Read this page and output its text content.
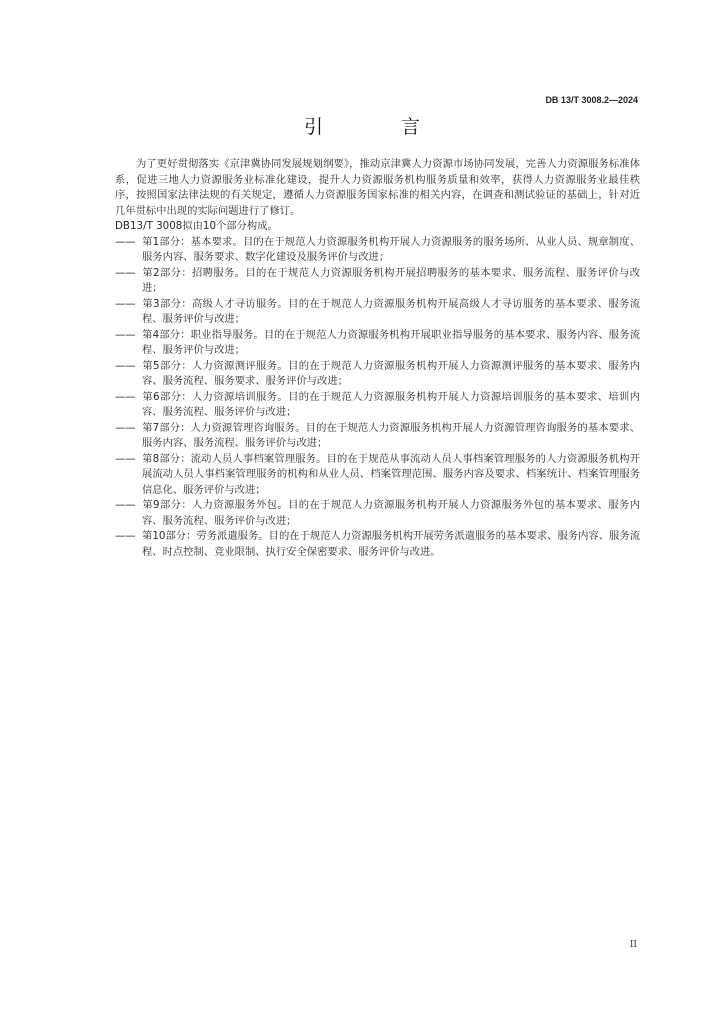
DB 13/T 3008.2—2024
引 言

为了更好贯彻落实《京津冀协同发展规划纲要》，推动京津冀人力资源市场协同发展，完善人力资源服务标准体系，促进三地人力资源服务业标准化建设，提升人力资源服务机构服务质量和效率，获得人力资源服务业最佳秩序，按照国家法律法规的有关规定，遵循人力资源服务国家标准的相关内容，在调查和测试验证的基础上，针对近几年贯标中出现的实际问题进行了修订。

DB13/T 3008拟由10个部分构成。

—— 第1部分：基本要求。目的在于规范人力资源服务机构开展人力资源服务的服务场所、从业人员、规章制度、服务内容、服务要求、数字化建设及服务评价与改进；

—— 第2部分：招聘服务。目的在于规范人力资源服务机构开展招聘服务的基本要求、服务流程、服务评价与改进；

—— 第3部分：高级人才寻访服务。目的在于规范人力资源服务机构开展高级人才寻访服务的基本要求、服务流程、服务评价与改进；

—— 第4部分：职业指导服务。目的在于规范人力资源服务机构开展职业指导服务的基本要求、服务内容、服务流程、服务评价与改进；

—— 第5部分：人力资源测评服务。目的在于规范人力资源服务机构开展人力资源测评服务的基本要求、服务内容、服务流程、服务要求、服务评价与改进；

—— 第6部分：人力资源培训服务。目的在于规范人力资源服务机构开展人力资源培训服务的基本要求、培训内容、服务流程、服务评价与改进；

—— 第7部分：人力资源管理咨询服务。目的在于规范人力资源服务机构开展人力资源管理咨询服务的基本要求、服务内容、服务流程、服务评价与改进；

—— 第8部分：流动人员人事档案管理服务。目的在于规范从事流动人员人事档案管理服务的人力资源服务机构开展流动人员人事档案管理服务的机构和从业人员、档案管理范围、服务内容及要求、档案统计、档案管理服务信息化、服务评价与改进；

—— 第9部分：人力资源服务外包。目的在于规范人力资源服务机构开展人力资源服务外包的基本要求、服务内容、服务流程、服务评价与改进；

—— 第10部分：劳务派遣服务。目的在于规范人力资源服务机构开展劳务派遣服务的基本要求、服务内容、服务流程、时点控制、竞业限制、执行安全保密要求、服务评价与改进。

II
